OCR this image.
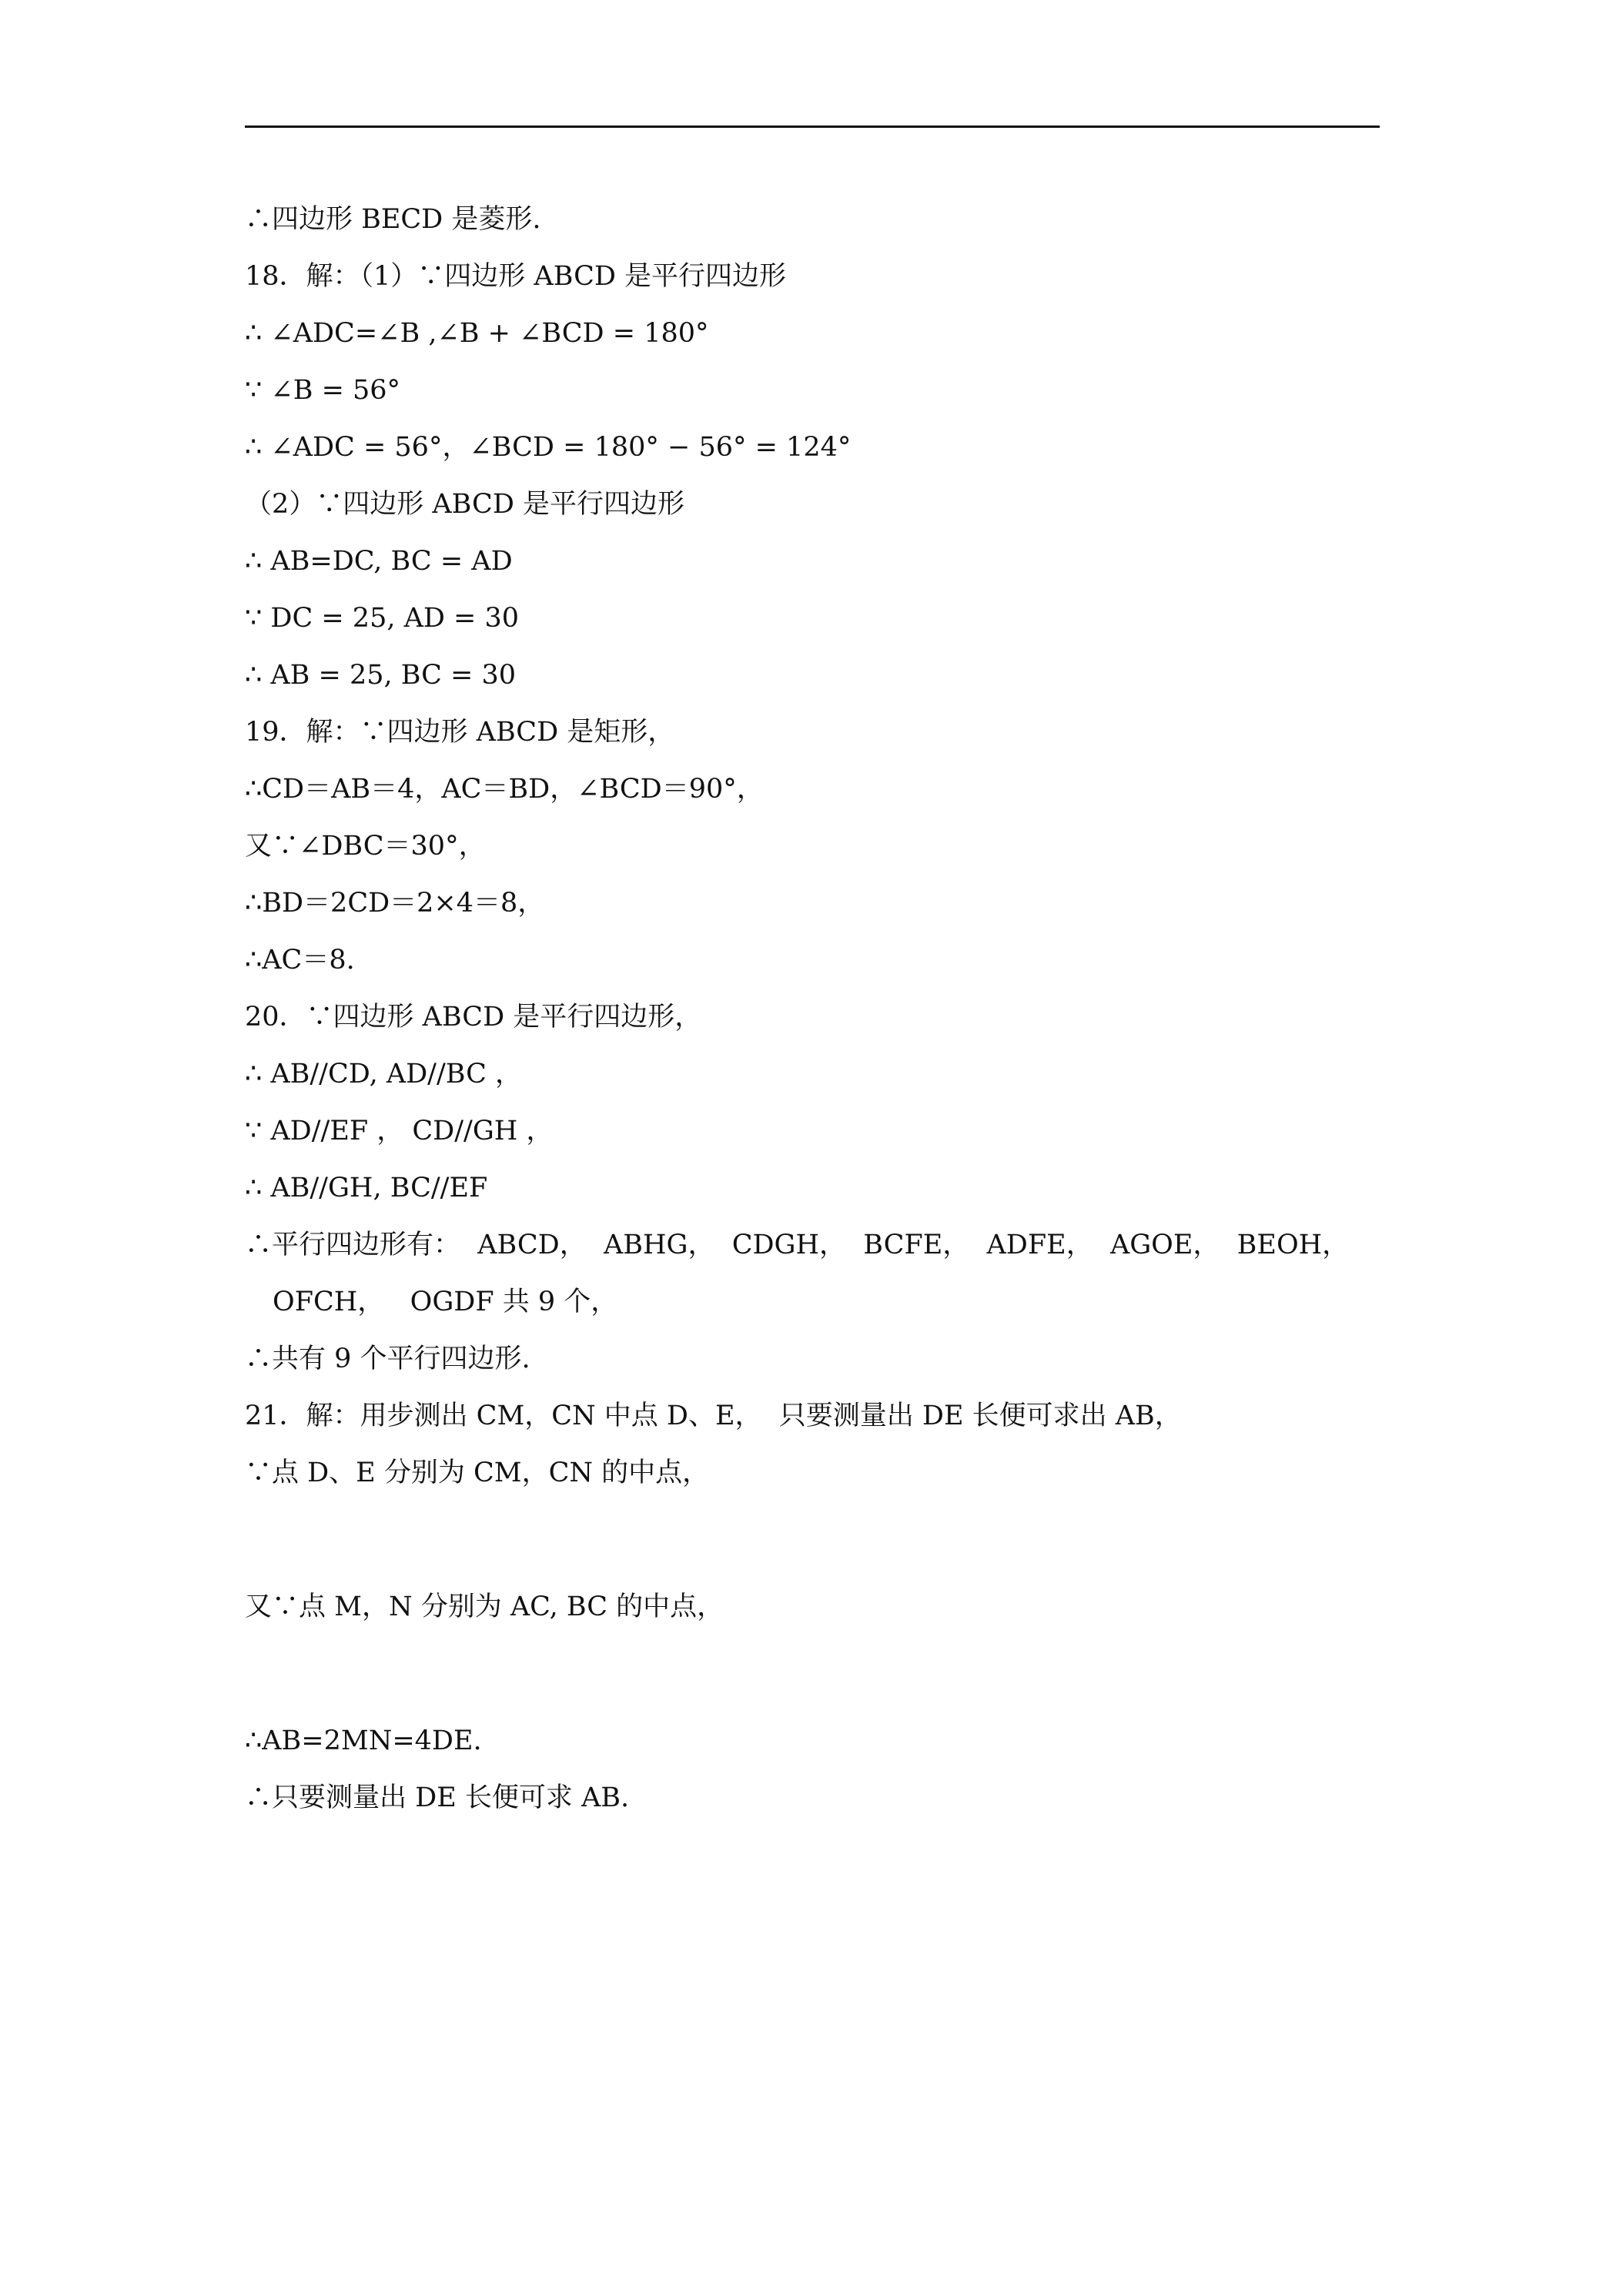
∴四边形 BECD 是菱形.
18．解：（1）∵四边形 ABCD 是平行四边形
∴ ∠ADC=∠B ,∠B + ∠BCD = 180°
∵ ∠B = 56°
∴ ∠ADC = 56°，∠BCD = 180° − 56° = 124°
（2）∵四边形 ABCD 是平行四边形
∴ AB=DC, BC = AD
∵ DC = 25, AD = 30
∴ AB = 25, BC = 30
19．解：∵四边形 ABCD 是矩形，
∴CD＝AB＝4，AC＝BD，∠BCD＝90°，
又∵∠DBC＝30°，
∴BD＝2CD＝2×4＝8，
∴AC＝8.
20．∵四边形 ABCD 是平行四边形，
∴ AB//CD, AD//BC ，
∵ AD//EF ， CD//GH ，
∴ AB//GH, BC//EF
∴平行四边形有：  ABCD，  ABHG，  CDGH，  BCFE，  ADFE，  AGOE，  BEOH，
OFCH，   OGDF 共 9 个，
∴共有 9 个平行四边形.
21．解：用步测出 CM，CN 中点 D、E，  只要测量出 DE 长便可求出 AB，
∵点 D、E 分别为 CM，CN 的中点，

又∵点 M，N 分别为 AC, BC 的中点，

∴AB=2MN=4DE.
∴只要测量出 DE 长便可求 AB.
